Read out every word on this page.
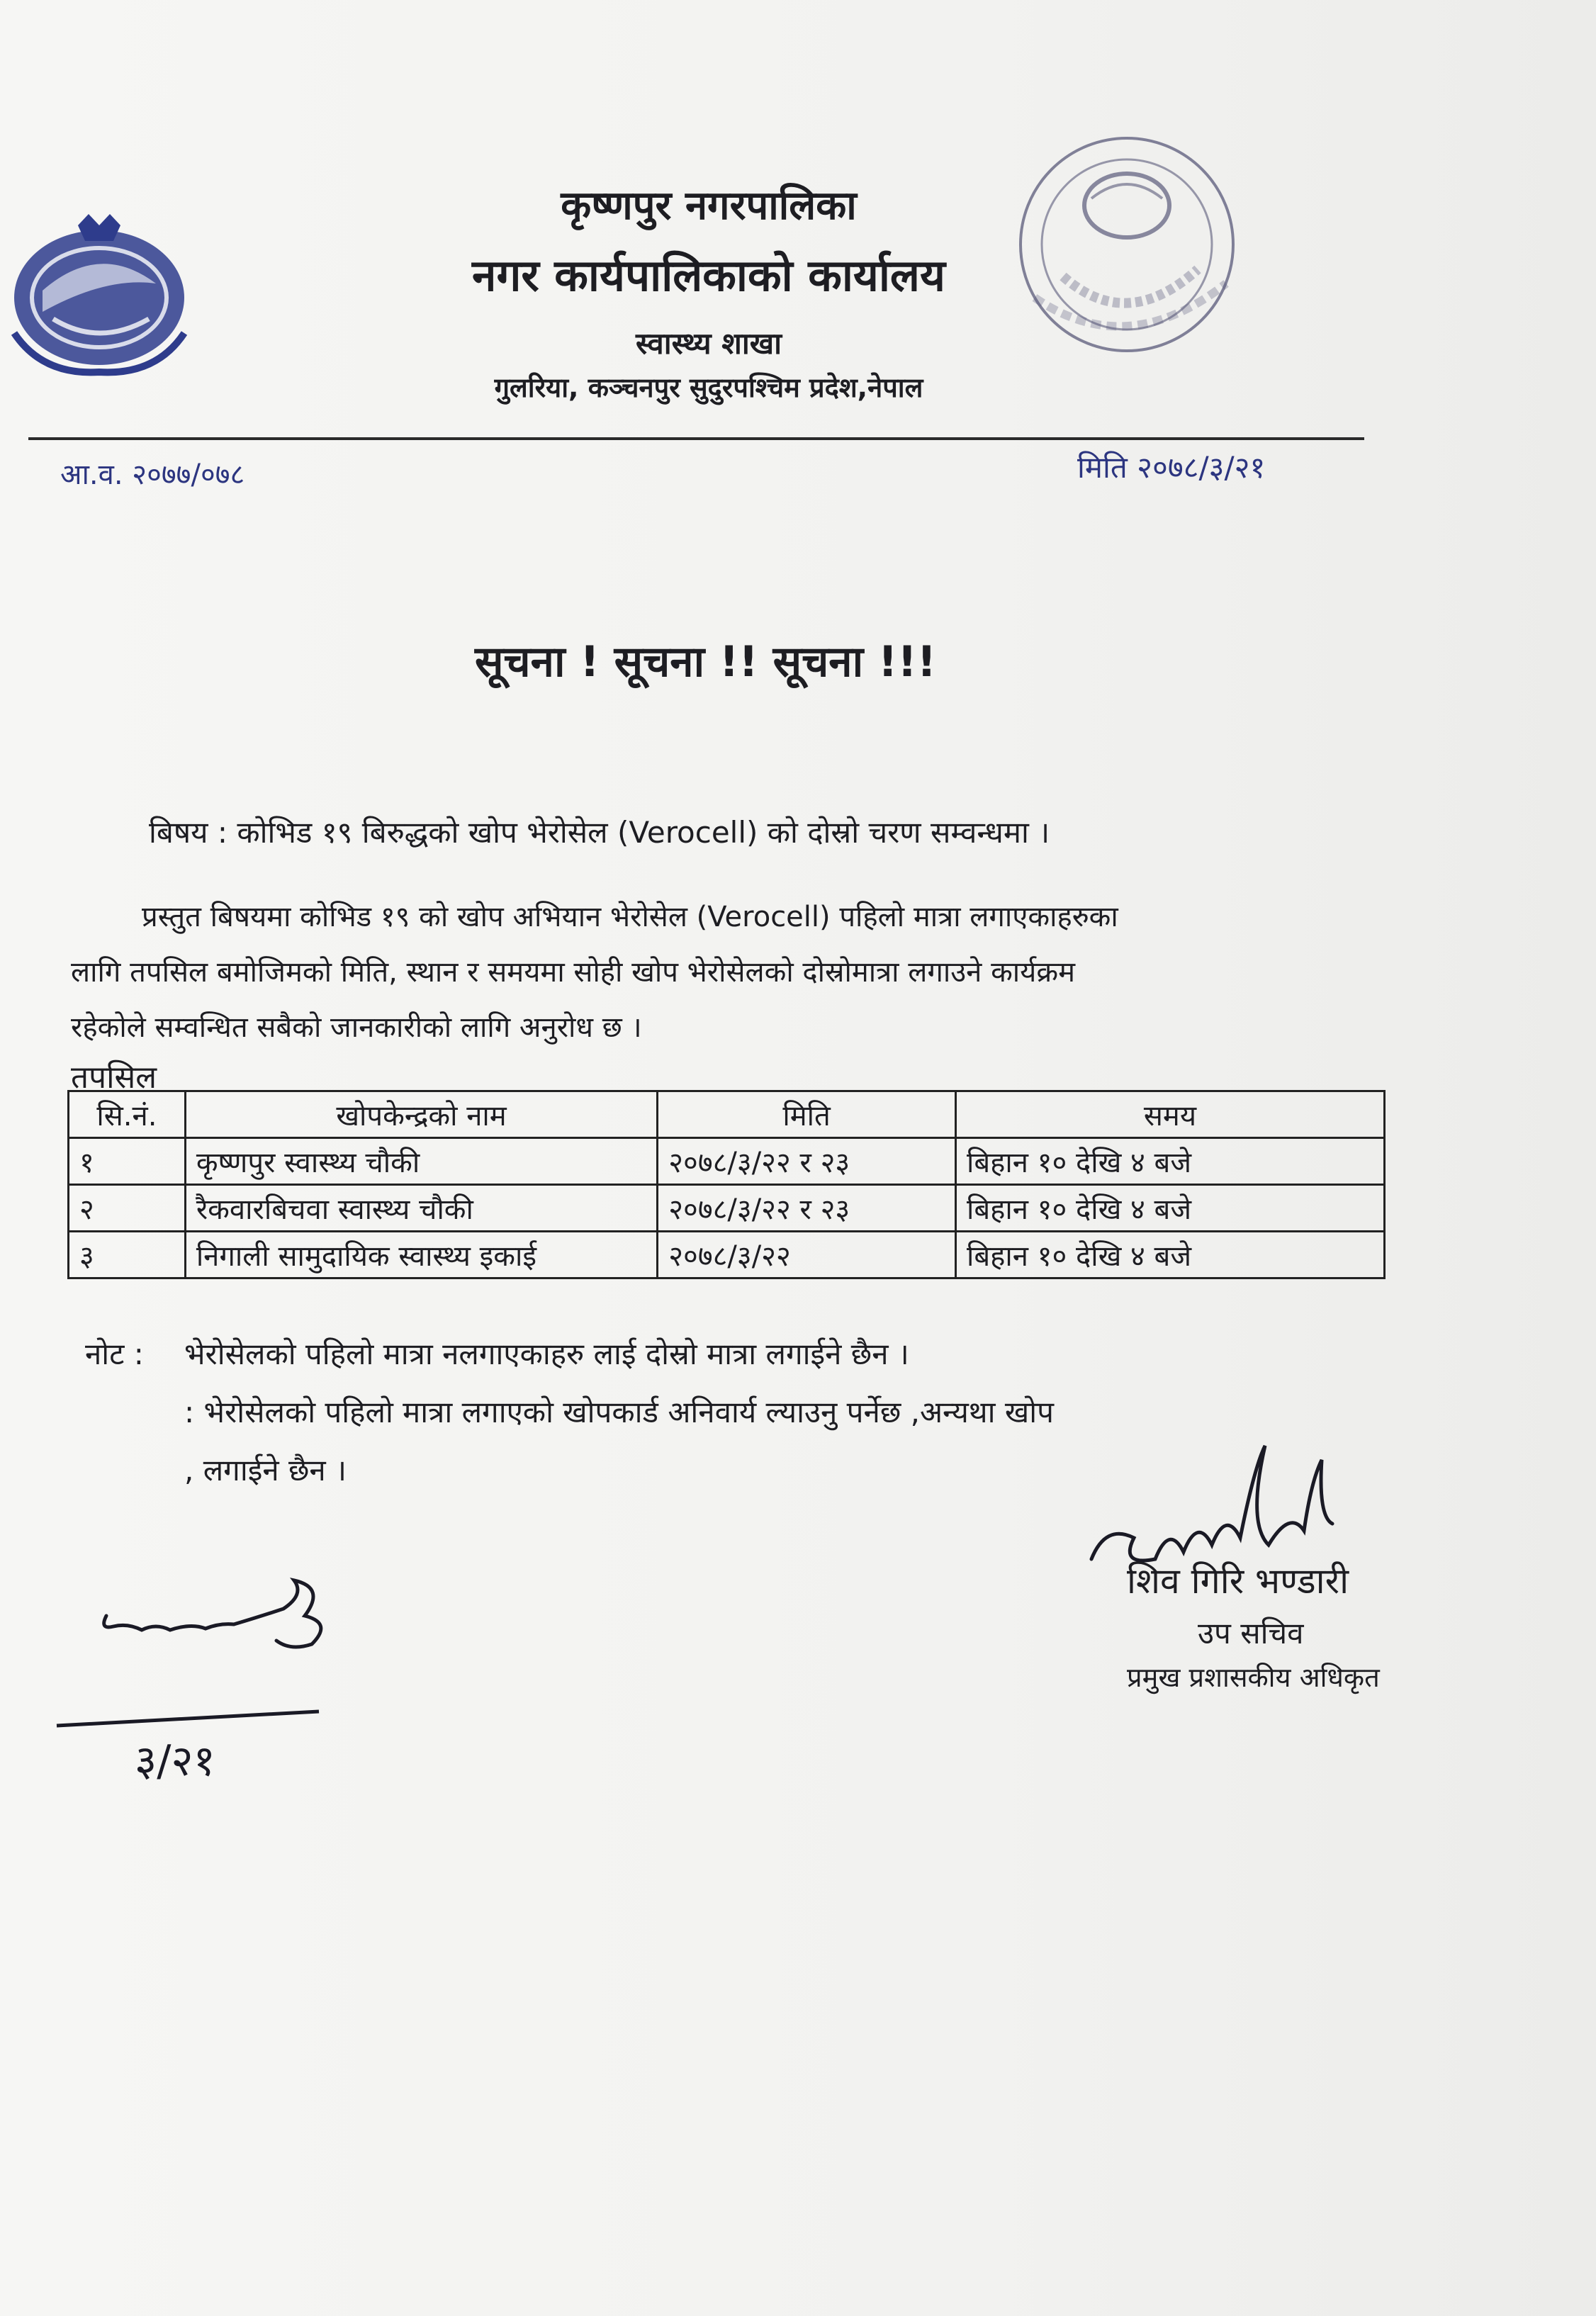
कृष्णपुर नगरपालिका
नगर कार्यपालिकाको कार्यालय
स्वास्थ्य शाखा
गुलरिया, कञ्चनपुर सुदुरपश्चिम प्रदेश,नेपाल
आ.व. २०७७/०७८	मिति २०७८/३/२१
सूचना ! सूचना !! सूचना !!!
बिषय : कोभिड १९ बिरुद्धको खोप भेरोसेल (Verocell) को दोस्रो चरण सम्वन्धमा ।
प्रस्तुत बिषयमा कोभिड १९ को खोप अभियान भेरोसेल (Verocell) पहिलो मात्रा लगाएकाहरुका
लागि तपसिल बमोजिमको मिति, स्थान र समयमा सोही खोप भेरोसेलको दोस्रोमात्रा लगाउने कार्यक्रम
रहेकोले सम्वन्धित सबैको जानकारीको लागि अनुरोध छ ।
तपसिल
सि.नं.	खोपकेन्द्रको नाम	मिति	समय
१	कृष्णपुर स्वास्थ्य चौकी	२०७८/३/२२ र २३	बिहान १० देखि ४ बजे
२	रैकवारबिचवा स्वास्थ्य चौकी	२०७८/३/२२ र २३	बिहान १० देखि ४ बजे
३	निगाली सामुदायिक स्वास्थ्य इकाई	२०७८/३/२२	बिहान १० देखि ४ बजे
नोट : भेरोसेलको पहिलो मात्रा नलगाएकाहरु लाई दोस्रो मात्रा लगाईने छैन ।
: भेरोसेलको पहिलो मात्रा लगाएको खोपकार्ड अनिवार्य ल्याउनु पर्नेछ ,अन्यथा खोप
, लगाईने छैन ।
शिव गिरि भण्डारी
उप सचिव
प्रमुख प्रशासकीय अधिकृत
३/२१
